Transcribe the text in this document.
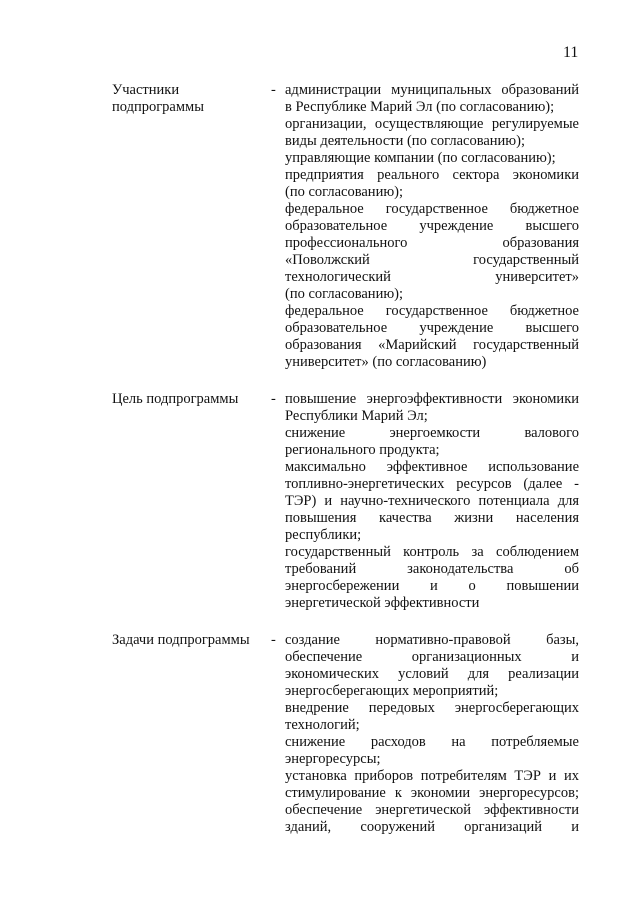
11
Участники
подпрограммы
- администрации муниципальных образований
в Республике Марий Эл (по согласованию);
организации, осуществляющие регулируемые
виды деятельности (по согласованию);
управляющие компании (по согласованию);
предприятия реального сектора экономики
(по согласованию);
федеральное государственное бюджетное
образовательное учреждение высшего
профессионального образования
«Поволжский государственный
технологический университет»
(по согласованию);
федеральное государственное бюджетное
образовательное учреждение высшего
образования «Марийский государственный
университет» (по согласованию)
Цель подпрограммы - повышение энергоэффективности экономики
Республики Марий Эл;
снижение энергоемкости валового
регионального продукта;
максимально эффективное использование
топливно-энергетических ресурсов (далее -
ТЭР) и научно-технического потенциала для
повышения качества жизни населения
республики;
государственный контроль за соблюдением
требований законодательства об
энергосбережении и о повышении
энергетической эффективности
Задачи подпрограммы - создание нормативно-правовой базы,
обеспечение организационных и
экономических условий для реализации
энергосберегающих мероприятий;
внедрение передовых энергосберегающих
технологий;
снижение расходов на потребляемые
энергоресурсы;
установка приборов потребителям ТЭР и их
стимулирование к экономии энергоресурсов;
обеспечение энергетической эффективности
зданий, сооружений организаций и
